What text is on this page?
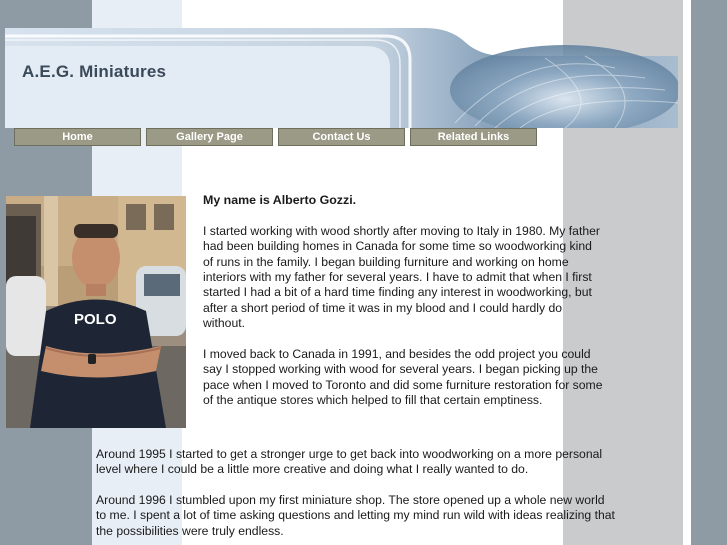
A.E.G. Miniatures
Home	Gallery Page	Contact Us	Related Links
POLO

My name is Alberto Gozzi.

I started working with wood shortly after moving to Italy in 1980. My father had been building homes in Canada for some time so woodworking kind of runs in the family. I began building furniture and working on home interiors with my father for several years. I have to admit that when I first started I had a bit of a hard time finding any interest in woodworking, but after a short period of time it was in my blood and I could hardly do without.

I moved back to Canada in 1991, and besides the odd project you could say I stopped working with wood for several years. I began picking up the pace when I moved to Toronto and did some furniture restoration for some of the antique stores which helped to fill that certain emptiness.

Around 1995 I started to get a stronger urge to get back into woodworking on a more personal level where I could be a little more creative and doing what I really wanted to do.

Around 1996 I stumbled upon my first miniature shop. The store opened up a whole new world to me. I spent a lot of time asking questions and letting my mind run wild with ideas realizing that the possibilities were truly endless.
